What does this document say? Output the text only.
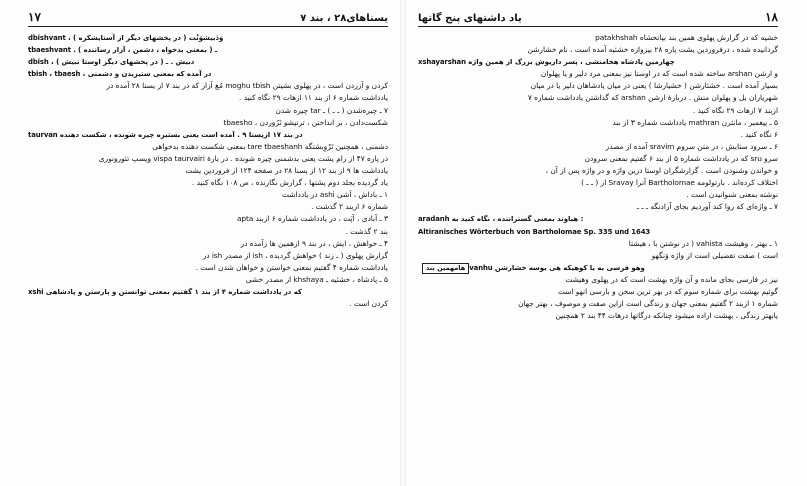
۱۷	یسناهای۲۸ ، بند ۷
dbishvant ، وَدَبیشوَنْت ( در پخشهای دیگر از آستایشکره )
tbaeshvant . ـ ( بمعنی بدخواه ، دشمن ، آزار رساننده )
dbish ، دبیش . ـ ( در پخشهای دیگر اوستا تبیش )
tbish ، tbaesh ، در آمده که بمعنی ستیزیدن و دشمنی
کردن و آزردن است ، در پهلوی بشیتن moghu tbish مُغ آزار که در بند ۷ از یسنا ۲۸ آمده در
یادداشت شماره ۶ از بند ۱۱ ازهات ۲۹ نگاه کنید .
۷ ـ چیره‌شدن ( ـ ـ ) ـ tar چیره شدن
شکست‌دادن ، بر انداختن ، ترتیشو تَرُوردن ، tbaesho
taurvan در بند ۱۷ ازیسنا ۹ . آمده است یعنی بستیزه چیره شونده ، شکست دهنده
دشمنی ، همچنین تَرْوِبشتگه tare tbaeshanh بمعنی شکست دهنده بدخواهی
در پاره ۴۷ از رام یشت یعنی بدشمنی چیره شونده . در بارهٔ vispa taurvairi ویسپ تئورونوری
یادداشت ها ۹ از بند ۱۲ از یسنا ۲۸ در صفحه ۱۲۴ از فروردین یشت
یاد گردیده بجلد دوم یشتها ، گزارش نگارنده ، ص ۱۰۸ نگاه کنید .
۱ ـ باداش ، اَشی ashi در یادداشت
شماره ۶ ازبند ۲ گذشت .
۳ ـ آبادی ، آپَت ، در یادداشت شماره ۶ ازبند apta
بند ۲ گذشت .
۴ ـ خواهش ، ایش ، در بند ۹ ازهمین ها زآمده در
گزارش پهلوی ( ـ زند ) خواهش گردیده ، ish از مصدر ish در
یادداشت شماره ۴ گفتیم بمعنی خواستن و خواهان شدن است .
۵ ـ پادشاه ، خشئیه ـ khshaya از مصدر خشی
xshi که در یادداشت شماره ۴ از بند ۱ گفتیم بمعنی توانستن و پارستن و پادشاهی
کردن است .
یاد داشتهای پنج گاتها	۱۸
خشیه که در گزارش پهلوی همین بند بپاتخشاه patakhshah
گردانیده شده ، درفروردین یشت پاره ۲۸ بیزوازه خشئیه آمده است ، نام خشارشن
xshayarshan چهارمین پادشاه هخامنشی ، پسر داریوش بزرگ از همین واژه
و ارشن arshan ساخته شده است که در اوستا نیز بمعنی مرد دلیر و یا پهلوان
بسیار آمده است . خشئارشن ( خشیارشا ) یعنی در میان پادشاهان دلیر یا در میان
شهریاران یل و پهلوان منش . دربارهٔ ارشن arshan که گذاشتن یادداشت شماره ۷
ازبند ۷ ازهات ۲۹ نگاه کنید .
۵ ـ پیغمبر ، مانثرن mathran یادداشت شماره ۳ از بند
۶ نگاه کنید .
۶ ـ سرود ستایش ، در متن سروم sravim آمده از مصدر
سرو sru که در یادداشت شماره ۵ از بند ۶ گفتیم بمعنی سرودن
و خواندن وشنودن است . گزارشگران اوستا درین واژه و در واژه پس از آن ،
اختلاف کرده‌اند . بارتولومه Bartholomae آنرا Sravay از ( ـ ـ )
نوشته بمعنی شنوانیدن است .
۷ ـ واژه‌ای که روا کند آورديم بجای آرادنگه ـ ـ ـ
aradanh هیاوند بمعنی گستراننده ، نگاه کنید به :
Altiranisches Wörterbuch von Bartholomae Sp. 335 und 1643
۱ ـ بهتر ، وهیشت vahista ( در نوشتن با ، هیشتا
است ) صفت تفضیلی است از واژه وَنگهو
هامهمین بند vanhu وهو فرسی به یا کوهیکه هی بوسه خشارشن
نیز در فارسی بجای مانده و آن واژه بهشت است که در پهلوی وهیشت
گوئیم بهشت برای شماره سوم که در بهر ترین سخن و بارسی انهو است
شماره ۱ ازبند ۲ گفتیم بمعنی جهان و زندگی است ازاین صفت و موصوف ، بهتر جهان
یابهتر زندگی ، بهشت اراده میشود چنانکه درگاتها درهات ۴۴ بند ۲ همچنین
